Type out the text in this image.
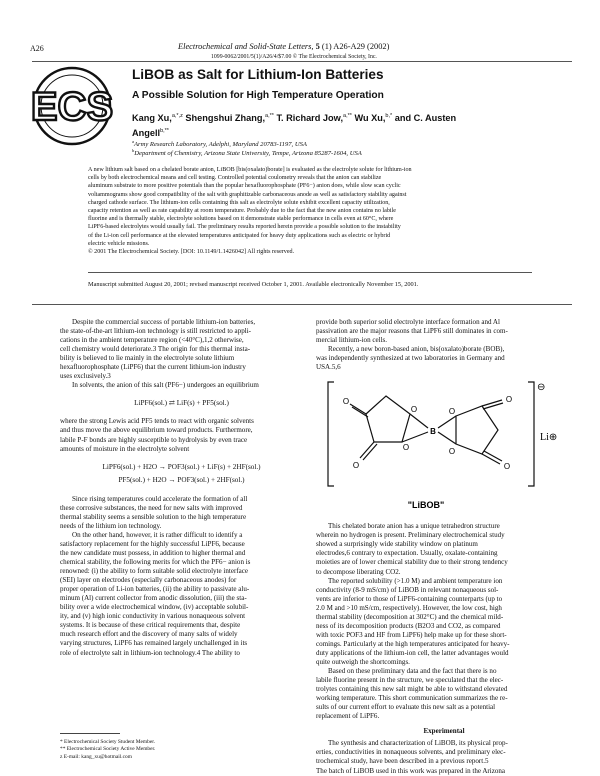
A26	Electrochemical and Solid-State Letters, 5 (1) A26-A29 (2002)
1099-0062/2001/5(1)/A26/4/$7.00 © The Electrochemical Society, Inc.
ECS
LiBOB as Salt for Lithium-Ion Batteries
A Possible Solution for High Temperature Operation
Kang Xu,$^{a,*,z}$ Shengshui Zhang,$^{a,**}$ T. Richard Jow,$^{a,**}$ Wu Xu,$^{b,*}$ and C. Austen
Angell$^{b,**}$
$^a$Army Research Laboratory, Adelphi, Maryland 20783-1197, USA
$^b$Department of Chemistry, Arizona State University, Tempe, Arizona 85287-1604, USA

A new lithium salt based on a chelated borate anion, LiBOB [bis(oxalato)borate] is evaluated as the electrolyte solute for lithium-ion

cells by both electrochemical means and cell testing. Controlled potential coulometry reveals that the anion can stabilize

aluminum substrate to more positive potentials than the popular hexafluorophosphate (PF6−) anion does, while slow scan cyclic

voltammograms show good compatibility of the salt with graphitizable carbonaceous anode as well as satisfactory stability against

charged cathode surface. The lithium-ion cells containing this salt as electrolyte solute exhibit excellent capacity utilization,

capacity retention as well as rate capability at room temperature. Probably due to the fact that the new anion contains no labile

fluorine and is thermally stable, electrolyte solutions based on it demonstrate stable performance in cells even at 60°C, where

LiPF6-based electrolytes would usually fail. The preliminary results reported herein provide a possible solution to the instability

of the Li-ion cell performance at the elevated temperatures anticipated for heavy duty applications such as electric or hybrid

electric vehicle missions.

© 2001 The Electrochemical Society. [DOI: 10.1149/1.1426042] All rights reserved.

Manuscript submitted August 20, 2001; revised manuscript received October 1, 2001. Available electronically November 15, 2001.

Despite the commercial success of portable lithium-ion batteries,

the state-of-the-art lithium-ion technology is still restricted to appli-

cations in the ambient temperature region (<40°C),1,2 otherwise,

cell chemistry would deteriorate.3 The origin for this thermal insta-

bility is believed to lie mainly in the electrolyte solute lithium

hexafluorophosphate (LiPF6) that the current lithium-ion industry

uses exclusively.3

In solvents, the anion of this salt (PF6−) undergoes an equilibrium

LiPF6(sol.) ⇄ LiF(s) + PF5(sol.)

where the strong Lewis acid PF5 tends to react with organic solvents

and thus move the above equilibrium toward products. Furthermore,

labile P-F bonds are highly susceptible to hydrolysis by even trace

amounts of moisture in the electrolyte solvent

LiPF6(sol.) + H2O → POF3(sol.) + LiF(s) + 2HF(sol.)

PF5(sol.) + H2O → POF3(sol.) + 2HF(sol.)

Since rising temperatures could accelerate the formation of all

these corrosive substances, the need for new salts with improved

thermal stability seems a sensible solution to the high temperature

needs of the lithium ion technology.

On the other hand, however, it is rather difficult to identify a

satisfactory replacement for the highly successful LiPF6, because

the new candidate must possess, in addition to higher thermal and

chemical stability, the following merits for which the PF6− anion is

renowned: (i) the ability to form suitable solid electrolyte interface

(SEI) layer on electrodes (especially carbonaceous anodes) for

proper operation of Li-ion batteries, (ii) the ability to passivate alu-

minum (Al) current collector from anodic dissolution, (iii) the sta-

bility over a wide electrochemical window, (iv) acceptable solubil-

ity, and (v) high ionic conductivity in various nonaqueous solvent

systems. It is because of these critical requirements that, despite

much research effort and the discovery of many salts of widely

varying structures, LiPF6 has remained largely unchallenged in its

role of electrolyte salt in lithium-ion technology.4 The ability to

* Electrochemical Society Student Member.
** Electrochemical Society Active Member.
z E-mail: kang_xu@hotmail.com

provide both superior solid electrolyte interface formation and Al

passivation are the major reasons that LiPF6 still dominates in com-

mercial lithium-ion cells.

Recently, a new boron-based anion, bis(oxalato)borate (BOB),

was independently synthesized at two laboratories in Germany and

USA.5,6

⊖
Li⊕
B
O
O
O
O
O
O
O
O
"LiBOB"

This chelated borate anion has a unique tetrahedron structure

wherein no hydrogen is present. Preliminary electrochemical study

showed a surprisingly wide stability window on platinum

electrodes,6 contrary to expectation. Usually, oxalate-containing

moieties are of lower chemical stability due to their strong tendency

to decompose liberating CO2.

The reported solubility (>1.0 M) and ambient temperature ion

conductivity (8-9 mS/cm) of LiBOB in relevant nonaqueous sol-

vents are inferior to those of LiPF6-containing counterparts (up to

2.0 M and >10 mS/cm, respectively). However, the low cost, high

thermal stability (decomposition at 302°C) and the chemical mild-

ness of its decomposition products (B2O3 and CO2, as compared

with toxic POF3 and HF from LiPF6) help make up for these short-

comings. Particularly at the high temperatures anticipated for heavy-

duty applications of the lithium-ion cell, the latter advantages would

quite outweigh the shortcomings.

Based on these preliminary data and the fact that there is no

labile fluorine present in the structure, we speculated that the elec-

trolytes containing this new salt might be able to withstand elevated

working temperature. This short communication summarizes the re-

sults of our current effort to evaluate this new salt as a potential

replacement of LiPF6.

Experimental

The synthesis and characterization of LiBOB, its physical prop-

erties, conductivities in nonaqueous solvents, and preliminary elec-

trochemical study, have been described in a previous report.5

The batch of LiBOB used in this work was prepared in the Arizona
